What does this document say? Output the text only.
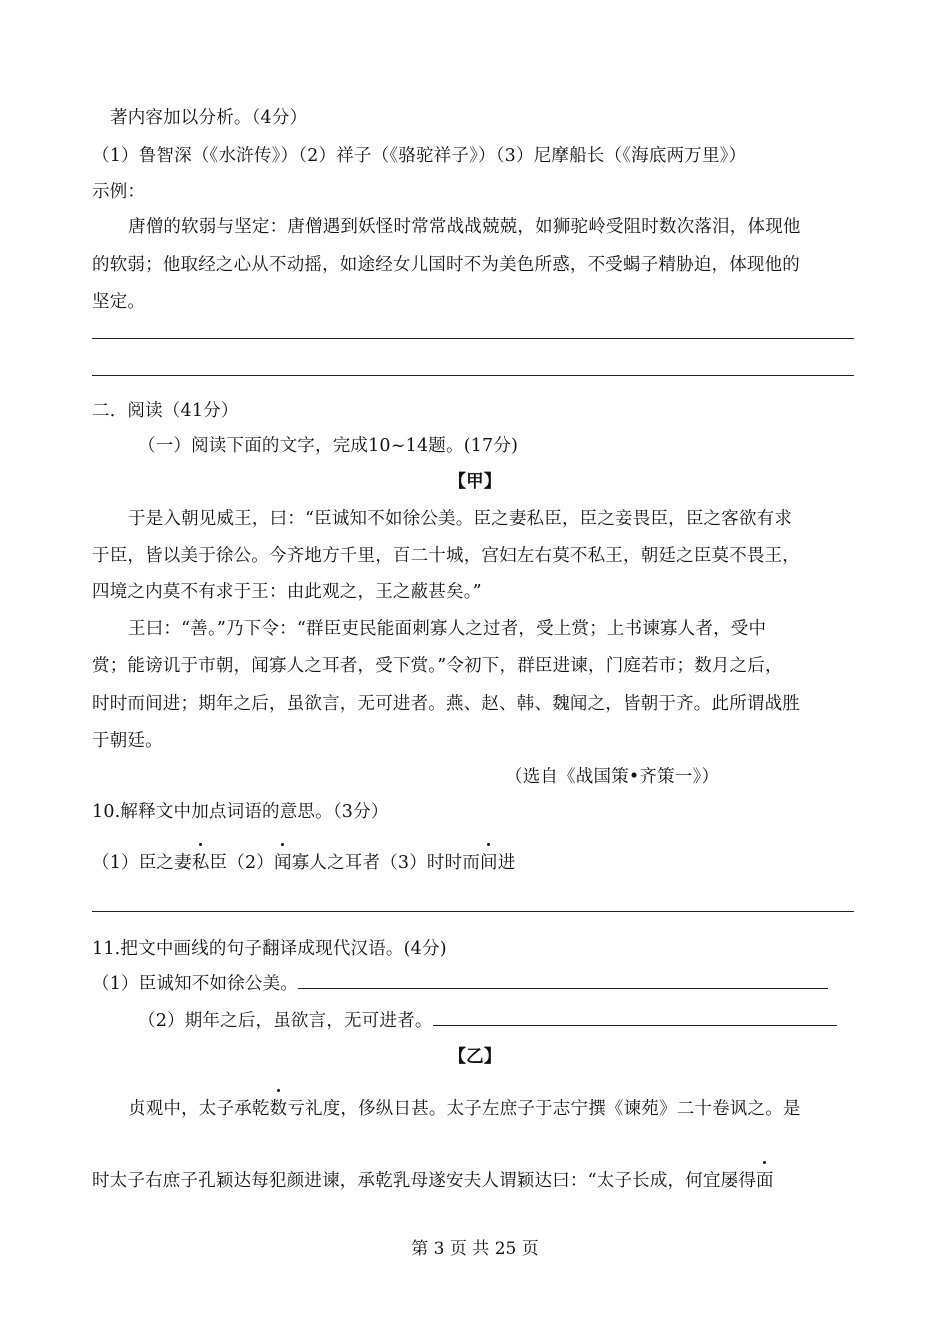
著内容加以分析。（4分）
（1）鲁智深（《水浒传》）（2）祥子（《骆驼祥子》）（3）尼摩船长（《海底两万里》）
示例：
唐僧的软弱与坚定：唐僧遇到妖怪时常常战战兢兢，如狮驼岭受阻时数次落泪，体现他
的软弱；他取经之心从不动摇，如途经女儿国时不为美色所惑，不受蝎子精胁迫，体现他的
坚定。
二．阅读（41分）
（一）阅读下面的文字，完成10~14题。(17分)
【甲】
于是入朝见威王，曰：“臣诚知不如徐公美。臣之妻私臣，臣之妾畏臣，臣之客欲有求
于臣，皆以美于徐公。今齐地方千里，百二十城，宫妇左右莫不私王，朝廷之臣莫不畏王，
四境之内莫不有求于王：由此观之，王之蔽甚矣。”
王曰：“善。”乃下令：“群臣吏民能面刺寡人之过者，受上赏；上书谏寡人者，受中
赏；能谤讥于市朝，闻寡人之耳者，受下赏。”令初下，群臣进谏，门庭若市；数月之后，
时时而间进；期年之后，虽欲言，无可进者。燕、赵、韩、魏闻之，皆朝于齐。此所谓战胜
于朝廷。
（选自《战国策•齐策一》）
10.解释文中加点词语的意思。（3分）
（1）臣之妻私臣（2）闻寡人之耳者（3）时时而间进
11.把文中画线的句子翻译成现代汉语。(4分)
（1）臣诚知不如徐公美。
（2）期年之后，虽欲言，无可进者。
【乙】
贞观中，太子承乾数亏礼度，侈纵日甚。太子左庶子于志宁撰《谏苑》二十卷讽之。是
时太子右庶子孔颖达每犯颜进谏，承乾乳母遂安夫人谓颖达曰：“太子长成，何宜屡得面
第 3 页 共 25 页
